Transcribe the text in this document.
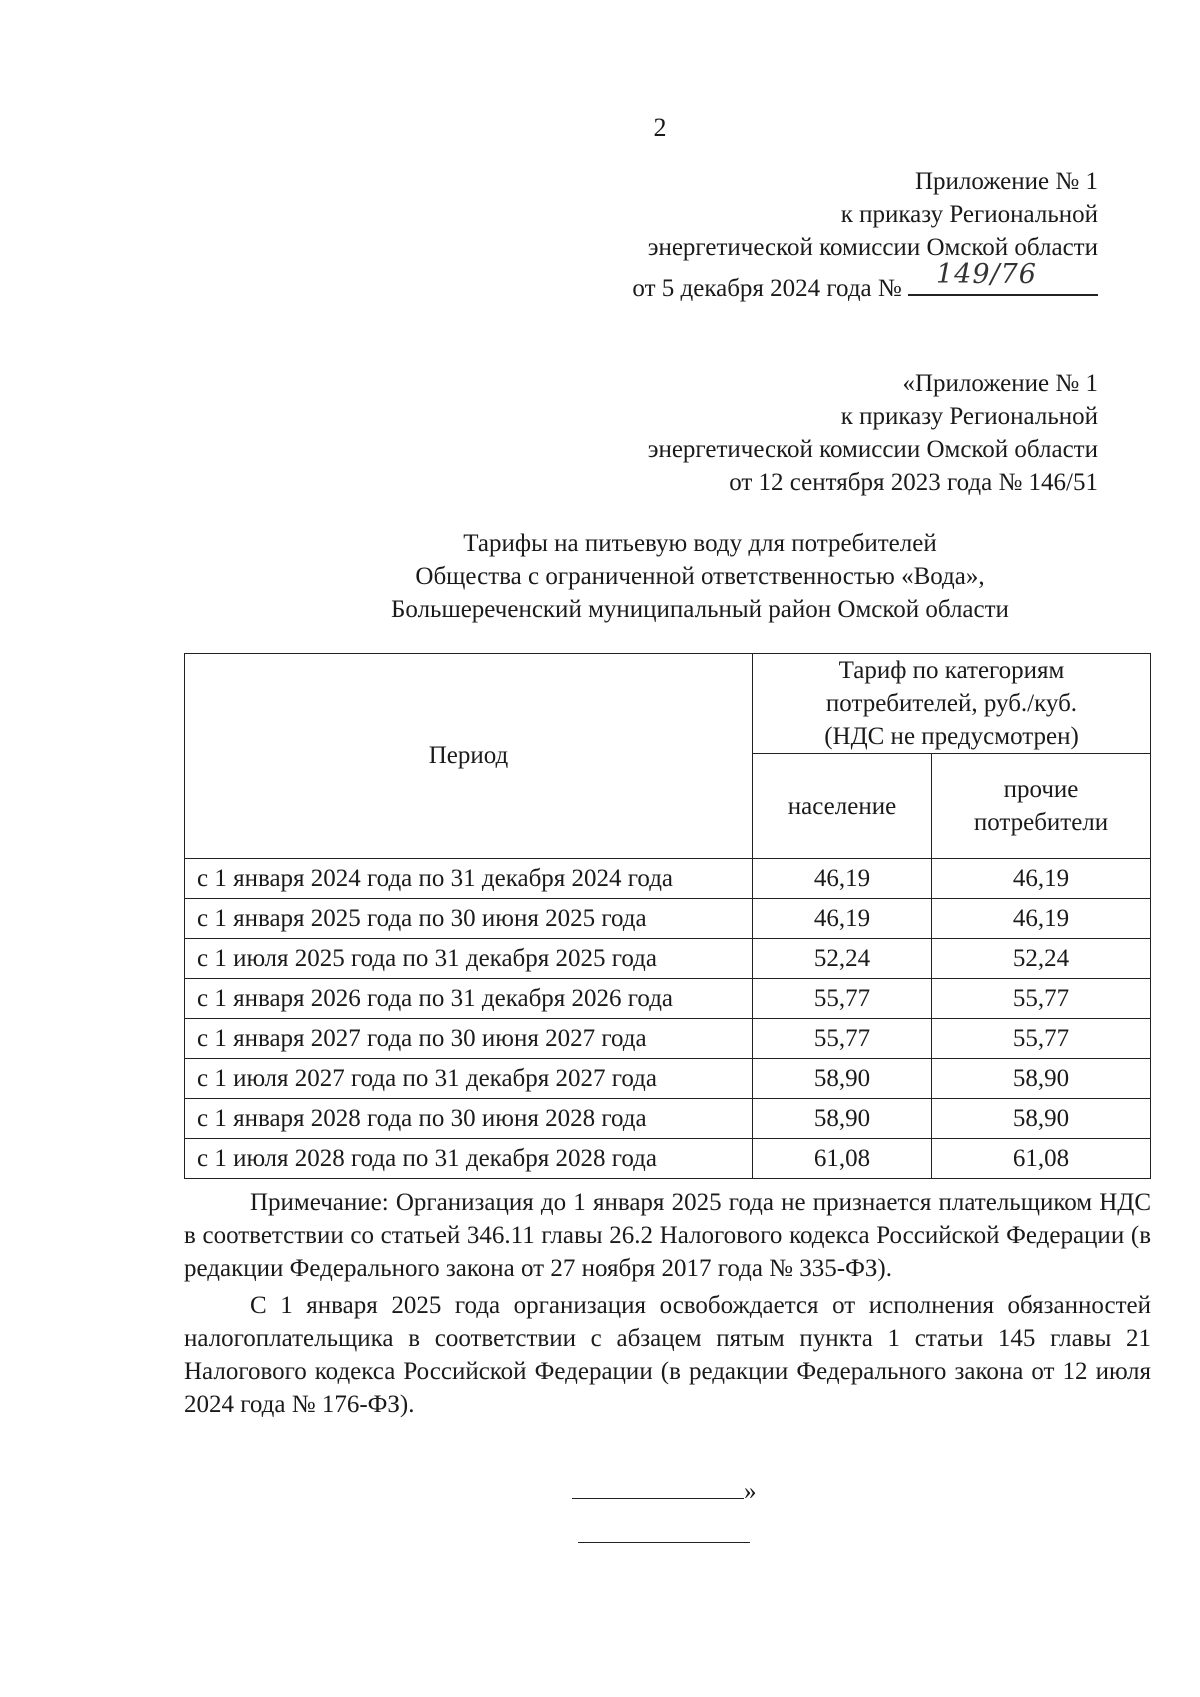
2
Приложение № 1
к приказу Региональной
энергетической комиссии Омской области
от 5 декабря 2024 года № 149/76
«Приложение № 1
к приказу Региональной
энергетической комиссии Омской области
от 12 сентября 2023 года № 146/51
Тарифы на питьевую воду для потребителей
Общества с ограниченной ответственностью «Вода»,
Большереченский муниципальный район Омской области
Период	Тариф по категориям
потребителей, руб./куб.
(НДС не предусмотрен)	

	население	прочие
потребители

с 1 января 2024 года по 31 декабря 2024 года	46,19	46,19
с 1 января 2025 года по 30 июня 2025 года	46,19	46,19
с 1 июля 2025 года по 31 декабря 2025 года	52,24	52,24
с 1 января 2026 года по 31 декабря 2026 года	55,77	55,77
с 1 января 2027 года по 30 июня 2027 года	55,77	55,77
с 1 июля 2027 года по 31 декабря 2027 года	58,90	58,90
с 1 января 2028 года по 30 июня 2028 года	58,90	58,90
с 1 июля 2028 года по 31 декабря 2028 года	61,08	61,08

Примечание: Организация до 1 января 2025 года не признается плательщиком НДС в соответствии со статьей 346.11 главы 26.2 Налогового кодекса Российской Федерации (в редакции Федерального закона от 27 ноября 2017 года № 335-ФЗ).

С 1 января 2025 года организация освобождается от исполнения обязанностей налогоплательщика в соответствии с абзацем пятым пункта 1 статьи 145 главы 21 Налогового кодекса Российской Федерации (в редакции Федерального закона от 12 июля 2024 года № 176-ФЗ).

»
